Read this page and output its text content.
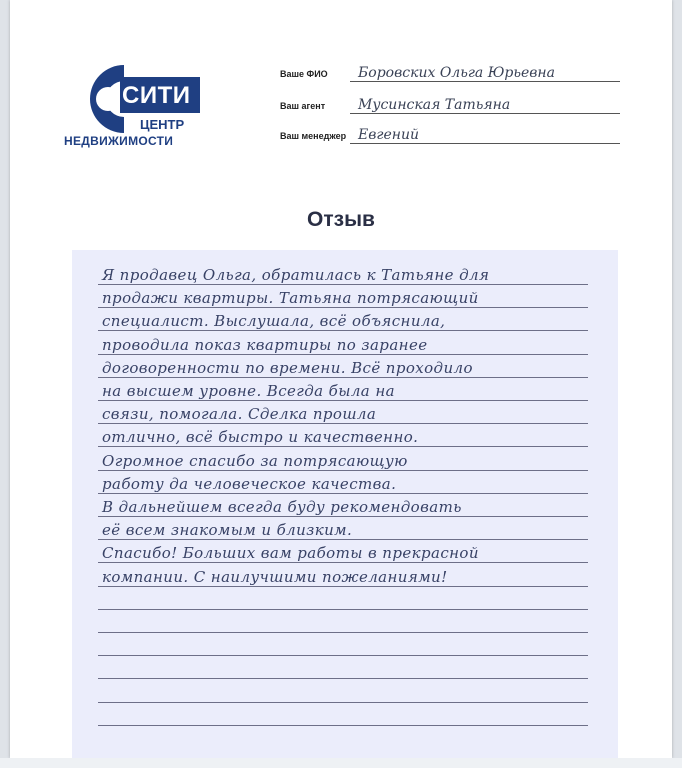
СИТИ
ЦЕНТР
НЕДВИЖИМОСТИ
Ваше ФИО Боровских Ольга Юрьевна
Ваш агент Мусинская Татьяна
Ваш менеджер Евгений
Отзыв
Я продавец Ольга, обратилась к Татьяне для
продажи квартиры. Татьяна потрясающий
специалист. Выслушала, всё объяснила,
проводила показ квартиры по заранее
договоренности по времени. Всё проходило
на высшем уровне. Всегда была на
связи, помогала. Сделка прошла
отлично, всё быстро и качественно.
Огромное спасибо за потрясающую
работу да человеческое качества.
В дальнейшем всегда буду рекомендовать
её всем знакомым и близким.
Спасибо! Больших вам работы в прекрасной
компании. С наилучшими пожеланиями!
